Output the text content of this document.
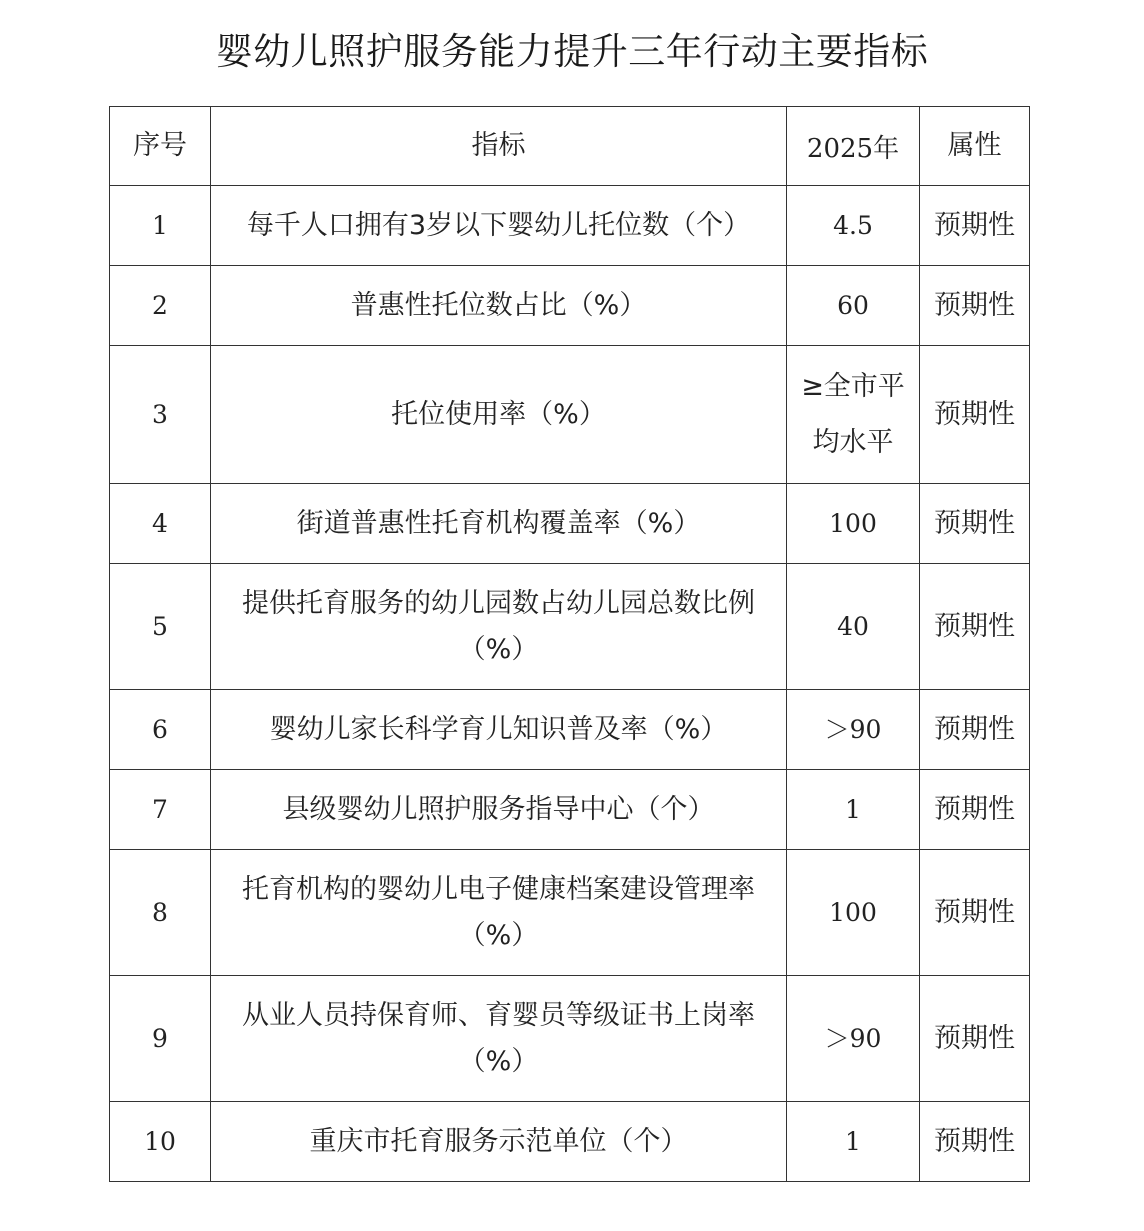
婴幼儿照护服务能力提升三年行动主要指标
序号	指标	2025年	属性
1	每千人口拥有3岁以下婴幼儿托位数（个）	4.5	预期性
2	普惠性托位数占比（%）	60	预期性
3	托位使用率（%）	≥全市平均水平	预期性
4	街道普惠性托育机构覆盖率（%）	100	预期性
5	提供托育服务的幼儿园数占幼儿园总数比例（%）	40	预期性
6	婴幼儿家长科学育儿知识普及率（%）	＞90	预期性
7	县级婴幼儿照护服务指导中心（个）	1	预期性
8	托育机构的婴幼儿电子健康档案建设管理率（%）	100	预期性
9	从业人员持保育师、育婴员等级证书上岗率（%）	＞90	预期性
10	重庆市托育服务示范单位（个）	1	预期性
